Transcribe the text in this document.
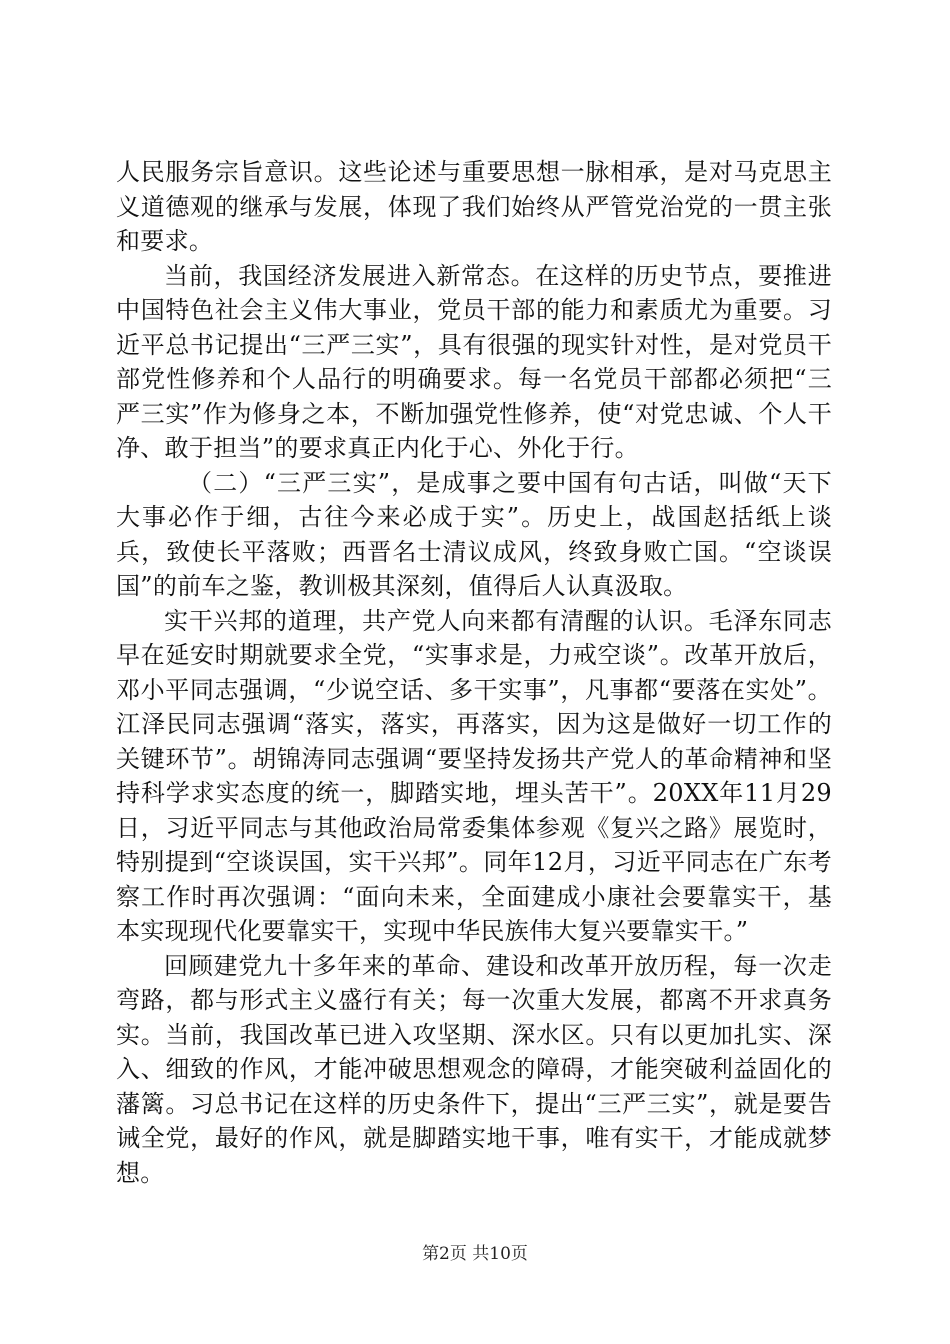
人民服务宗旨意识。这些论述与重要思想一脉相承，是对马克思主义道德观的继承与发展，体现了我们始终从严管党治党的一贯主张和要求。

当前，我国经济发展进入新常态。在这样的历史节点，要推进中国特色社会主义伟大事业，党员干部的能力和素质尤为重要。习近平总书记提出“三严三实”，具有很强的现实针对性，是对党员干部党性修养和个人品行的明确要求。每一名党员干部都必须把“三严三实”作为修身之本，不断加强党性修养，使“对党忠诚、个人干净、敢于担当”的要求真正内化于心、外化于行。

（二）“三严三实”，是成事之要中国有句古话，叫做“天下大事必作于细，古往今来必成于实”。历史上，战国赵括纸上谈兵，致使长平落败；西晋名士清议成风，终致身败亡国。“空谈误国”的前车之鉴，教训极其深刻，值得后人认真汲取。

实干兴邦的道理，共产党人向来都有清醒的认识。毛泽东同志早在延安时期就要求全党，“实事求是，力戒空谈”。改革开放后，邓小平同志强调，“少说空话、多干实事”，凡事都“要落在实处”。江泽民同志强调“落实，落实，再落实，因为这是做好一切工作的关键环节”。胡锦涛同志强调“要坚持发扬共产党人的革命精神和坚持科学求实态度的统一，脚踏实地，埋头苦干”。20XX年11月29日，习近平同志与其他政治局常委集体参观《复兴之路》展览时，特别提到“空谈误国，实干兴邦”。同年12月，习近平同志在广东考察工作时再次强调：“面向未来，全面建成小康社会要靠实干，基本实现现代化要靠实干，实现中华民族伟大复兴要靠实干。”

回顾建党九十多年来的革命、建设和改革开放历程，每一次走弯路，都与形式主义盛行有关；每一次重大发展，都离不开求真务实。当前，我国改革已进入攻坚期、深水区。只有以更加扎实、深入、细致的作风，才能冲破思想观念的障碍，才能突破利益固化的藩篱。习总书记在这样的历史条件下，提出“三严三实”，就是要告诫全党，最好的作风，就是脚踏实地干事，唯有实干，才能成就梦想。

第2页 共10页
